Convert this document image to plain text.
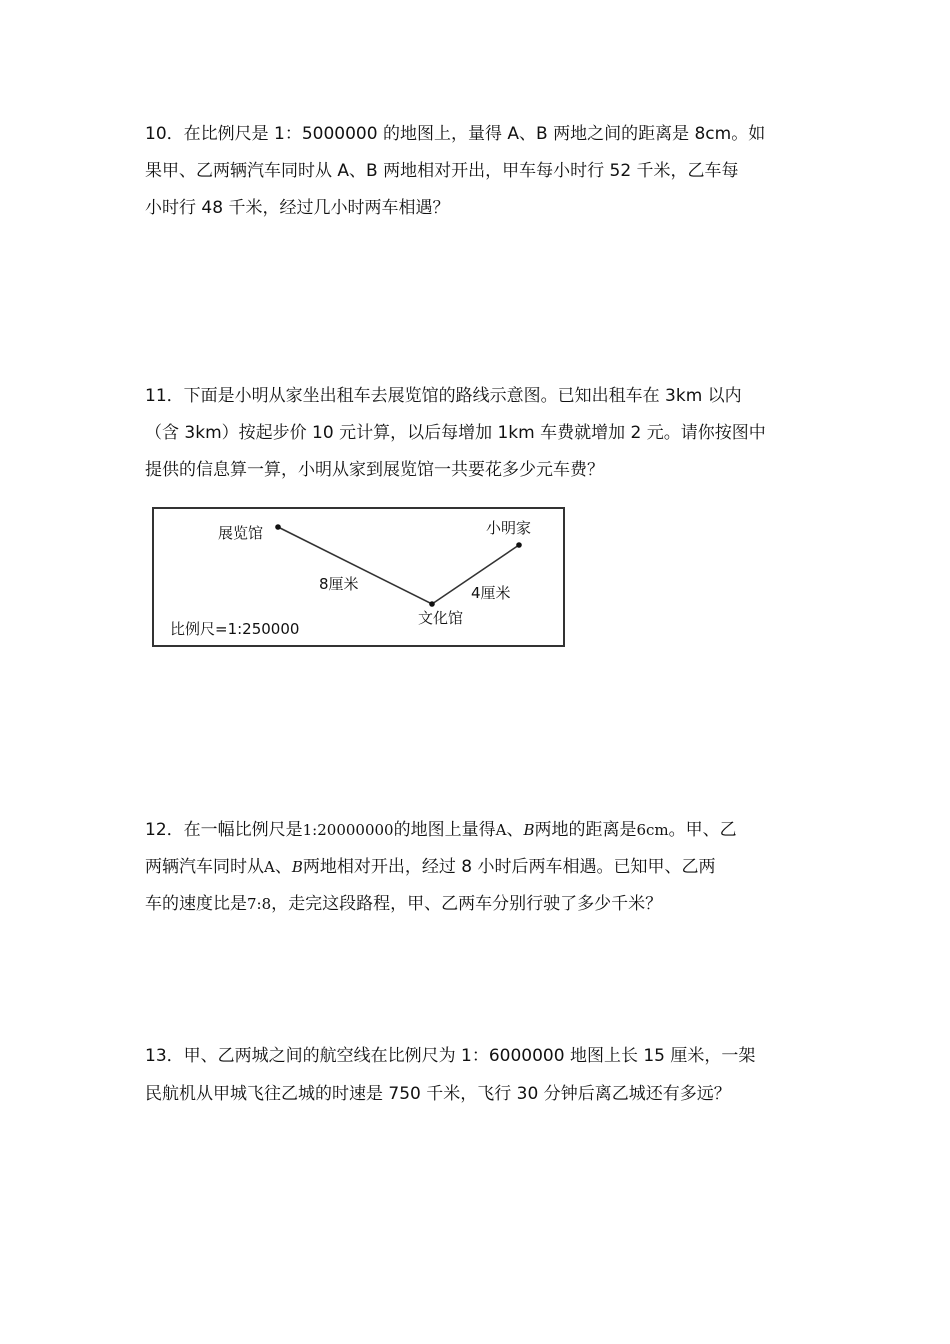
10．在比例尺是 1：5000000 的地图上，量得 A、B 两地之间的距离是 8cm。如

果甲、乙两辆汽车同时从 A、B 两地相对开出，甲车每小时行 52 千米，乙车每

小时行 48 千米，经过几小时两车相遇？

11．下面是小明从家坐出租车去展览馆的路线示意图。已知出租车在 3km 以内

（含 3km）按起步价 10 元计算，以后每增加 1km 车费就增加 2 元。请你按图中

提供的信息算一算，小明从家到展览馆一共要花多少元车费？

展览馆	小明家
文化馆
8厘米	4厘米
比例尺=1:250000

12．在一幅比例尺是1:20000000的地图上量得A、B两地的距离是6cm。甲、乙

两辆汽车同时从A、B两地相对开出，经过 8 小时后两车相遇。已知甲、乙两

车的速度比是7:8，走完这段路程，甲、乙两车分别行驶了多少千米？

13．甲、乙两城之间的航空线在比例尺为 1：6000000 地图上长 15 厘米，一架

民航机从甲城飞往乙城的时速是 750 千米，飞行 30 分钟后离乙城还有多远？
